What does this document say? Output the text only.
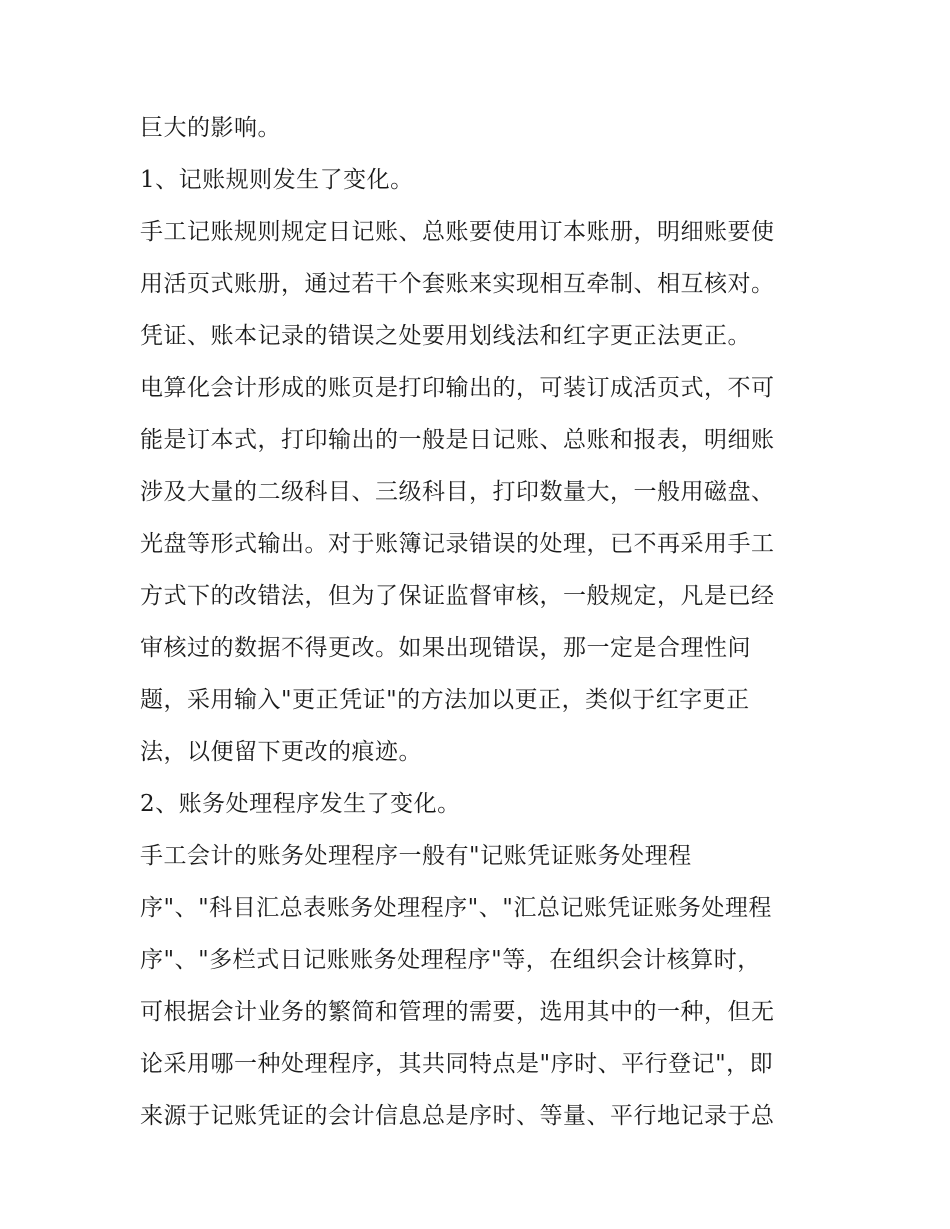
巨大的影响。
1、记账规则发生了变化。
手工记账规则规定日记账、总账要使用订本账册，明细账要使
用活页式账册，通过若干个套账来实现相互牵制、相互核对。
凭证、账本记录的错误之处要用划线法和红字更正法更正。
电算化会计形成的账页是打印输出的，可装订成活页式，不可
能是订本式，打印输出的一般是日记账、总账和报表，明细账
涉及大量的二级科目、三级科目，打印数量大，一般用磁盘、
光盘等形式输出。对于账簿记录错误的处理，已不再采用手工
方式下的改错法，但为了保证监督审核，一般规定，凡是已经
审核过的数据不得更改。如果出现错误，那一定是合理性问
题，采用输入"更正凭证"的方法加以更正，类似于红字更正
法，以便留下更改的痕迹。
2、账务处理程序发生了变化。
手工会计的账务处理程序一般有"记账凭证账务处理程
序"、"科目汇总表账务处理程序"、"汇总记账凭证账务处理程
序"、"多栏式日记账账务处理程序"等，在组织会计核算时，
可根据会计业务的繁简和管理的需要，选用其中的一种，但无
论采用哪一种处理程序，其共同特点是"序时、平行登记"，即
来源于记账凭证的会计信息总是序时、等量、平行地记录于总
